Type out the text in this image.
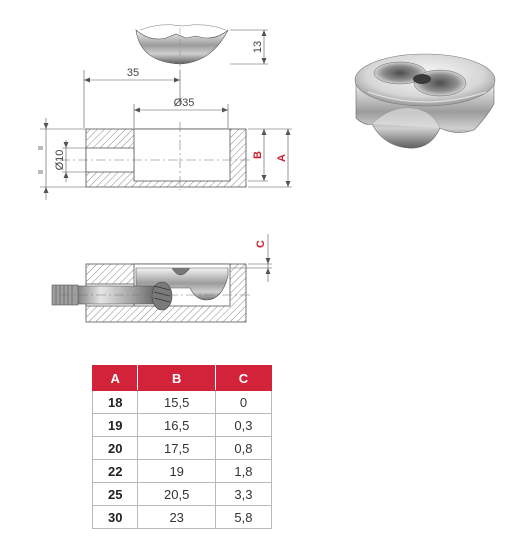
13
35
Ø35
Ø10	B A
C
A	B	C
18	15,5	0
19	16,5	0,3
20	17,5	0,8
22	19	1,8
25	20,5	3,3
30	23	5,8
